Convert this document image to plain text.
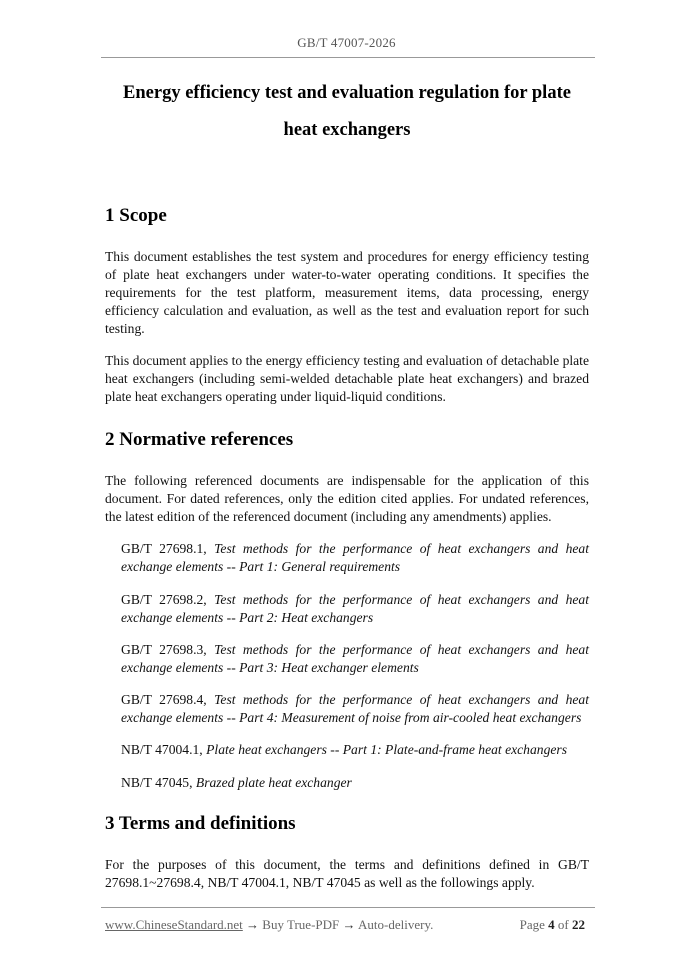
GB/T 47007-2026
Energy efficiency test and evaluation regulation for plate
heat exchangers
1 Scope

This document establishes the test system and procedures for energy efficiency testing of plate heat exchangers under water-to-water operating conditions. It specifies the requirements for the test platform, measurement items, data processing, energy efficiency calculation and evaluation, as well as the test and evaluation report for such testing.

This document applies to the energy efficiency testing and evaluation of detachable plate heat exchangers (including semi-welded detachable plate heat exchangers) and brazed plate heat exchangers operating under liquid-liquid conditions.

2 Normative references

The following referenced documents are indispensable for the application of this document. For dated references, only the edition cited applies. For undated references, the latest edition of the referenced document (including any amendments) applies.

GB/T 27698.1, Test methods for the performance of heat exchangers and heat exchange elements -- Part 1: General requirements

GB/T 27698.2, Test methods for the performance of heat exchangers and heat exchange elements -- Part 2: Heat exchangers

GB/T 27698.3, Test methods for the performance of heat exchangers and heat exchange elements -- Part 3: Heat exchanger elements

GB/T 27698.4, Test methods for the performance of heat exchangers and heat exchange elements -- Part 4: Measurement of noise from air-cooled heat exchangers

NB/T 47004.1, Plate heat exchangers -- Part 1: Plate-and-frame heat exchangers

NB/T 47045, Brazed plate heat exchanger

3 Terms and definitions

For the purposes of this document, the terms and definitions defined in GB/T 27698.1~27698.4, NB/T 47004.1, NB/T 47045 as well as the followings apply.

www.ChineseStandard.net → Buy True-PDF → Auto-delivery.	Page 4 of 22
